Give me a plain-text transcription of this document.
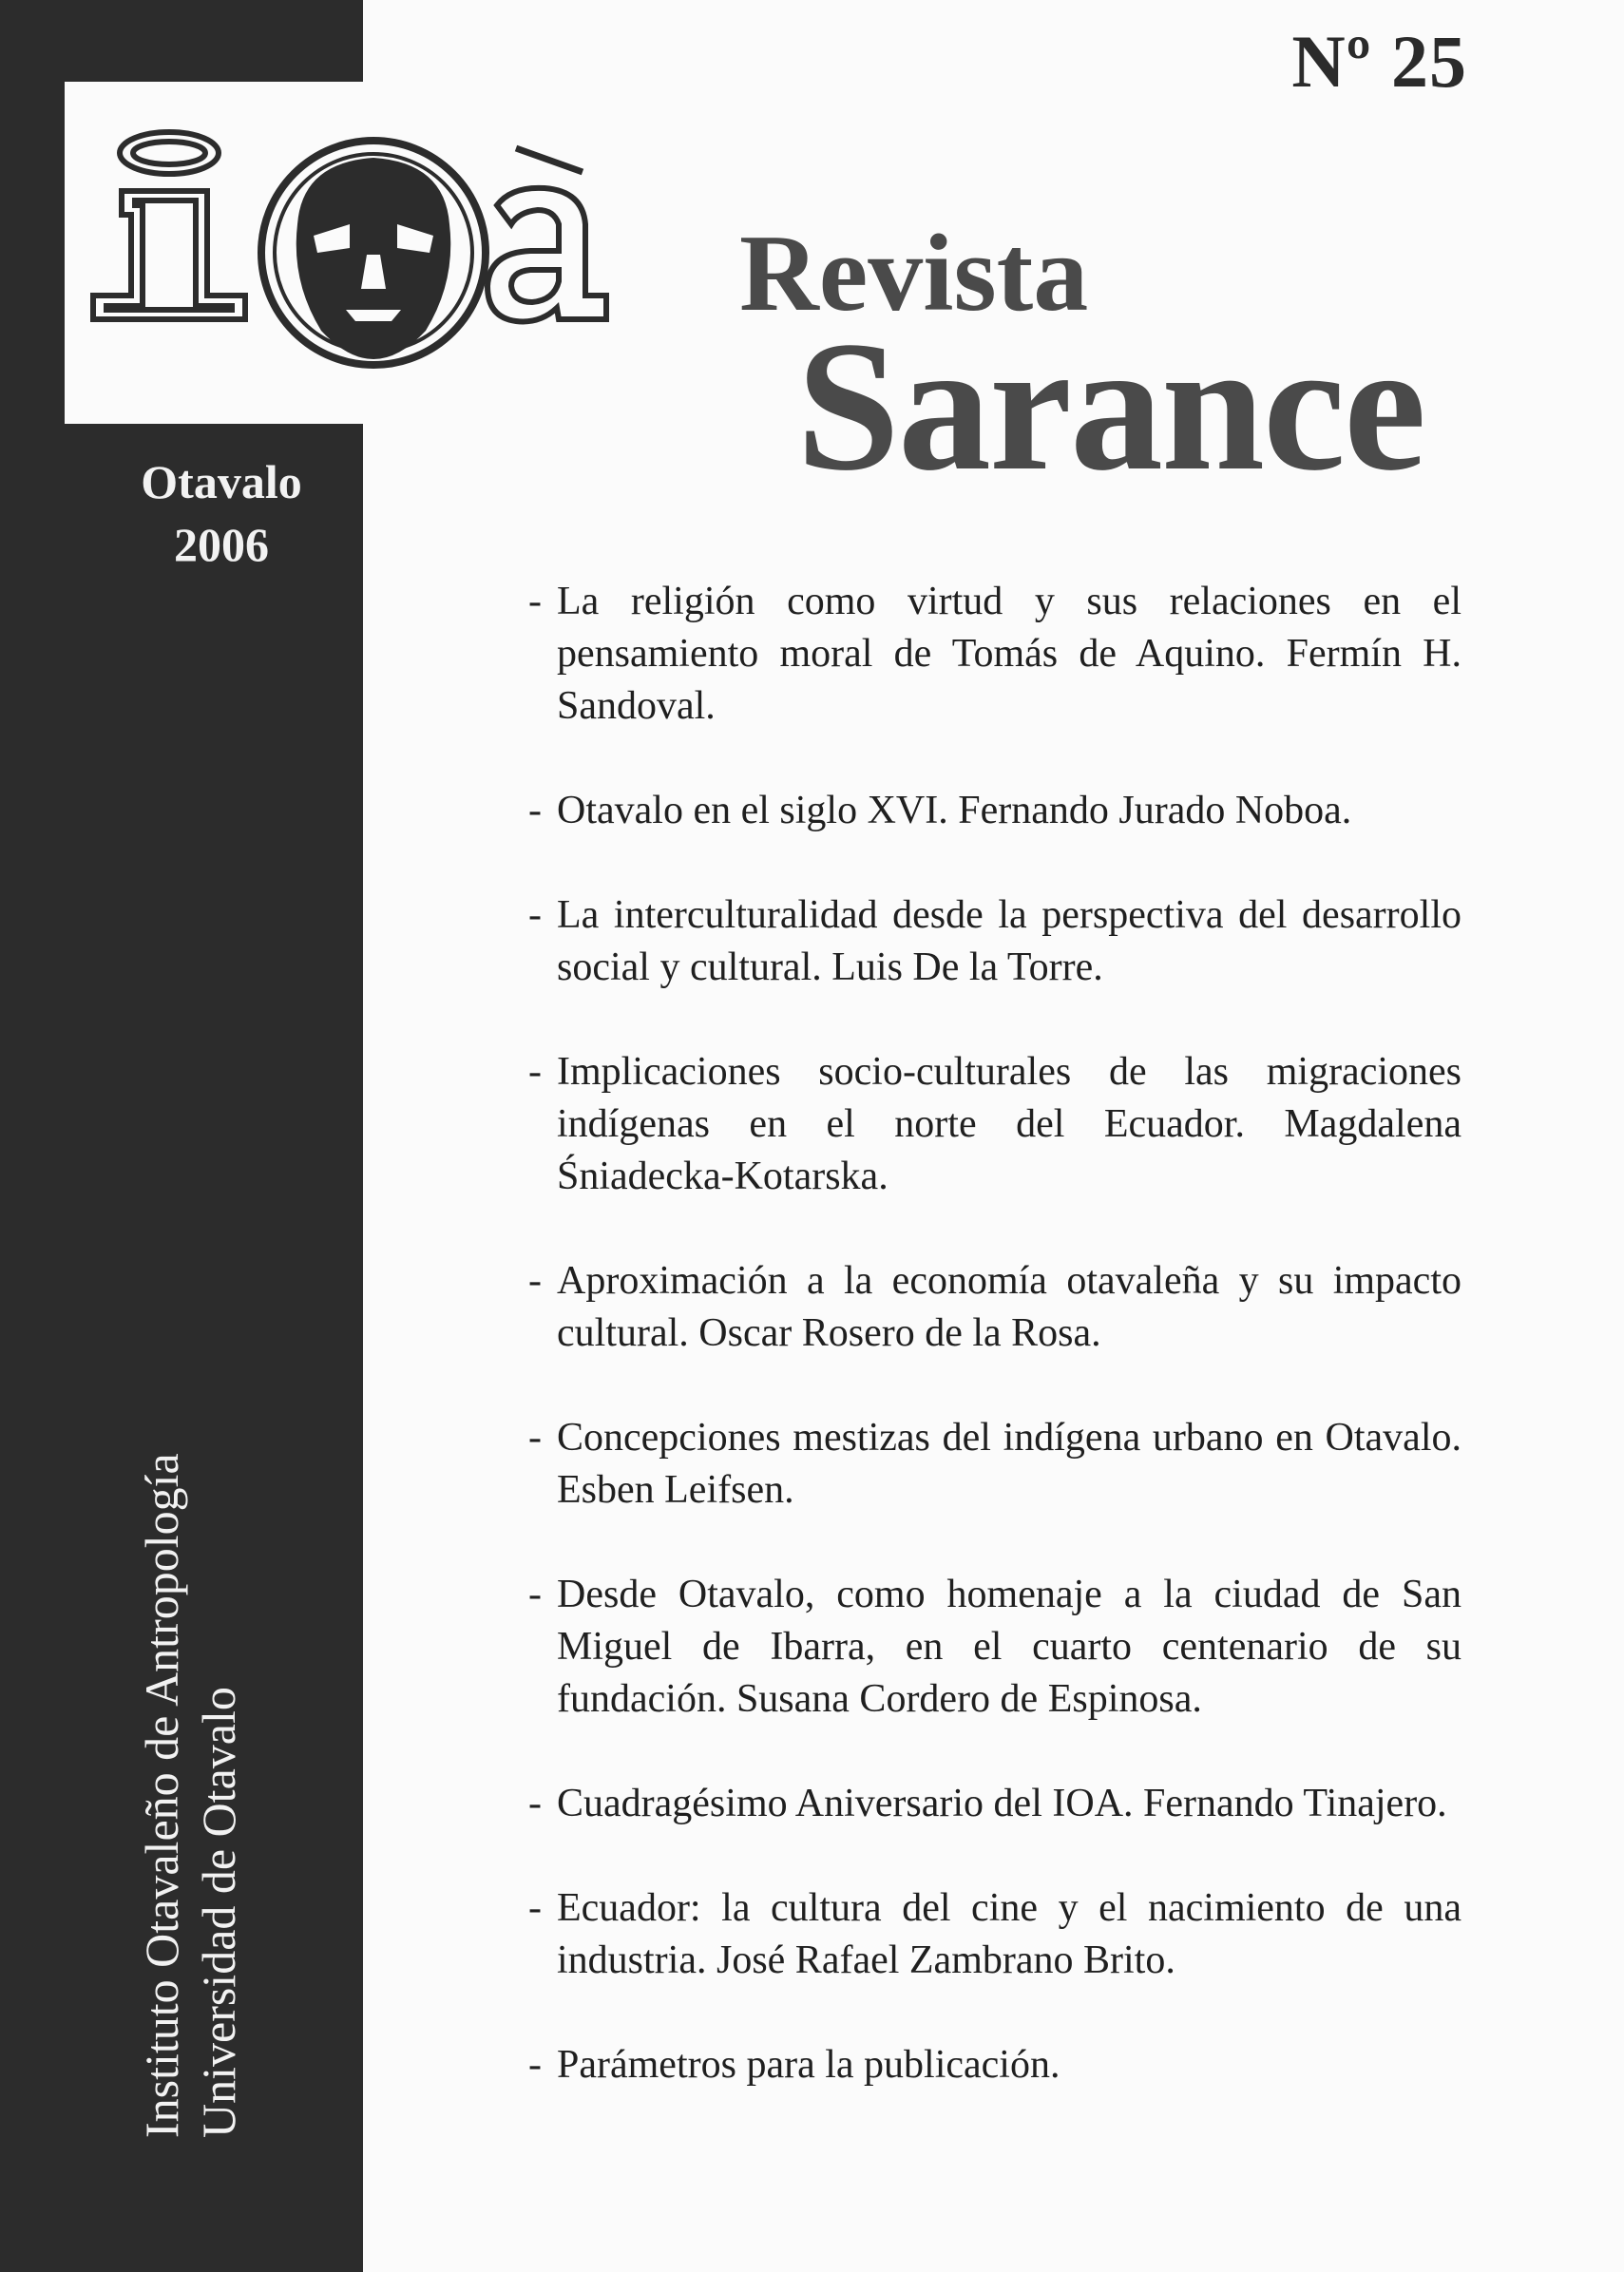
Nº 25
Revista
Sarance
Otavalo
2006
Instituto Otavaleño de Antropología Universidad de Otavalo
- La religión como virtud y sus relaciones en el pensamiento moral de Tomás de Aquino. Fermín H. Sandoval.
- Otavalo en el siglo XVI. Fernando Jurado Noboa.
- La interculturalidad desde la perspectiva del desarrollo social y cultural. Luis De la Torre.
- Implicaciones socio-culturales de las migraciones indígenas en el norte del Ecuador. Magdalena Śniadecka-Kotarska.
- Aproximación a la economía otavaleña y su impacto cultural. Oscar Rosero de la Rosa.
- Concepciones mestizas del indígena urbano en Otavalo. Esben Leifsen.
- Desde Otavalo, como homenaje a la ciudad de San Miguel de Ibarra, en el cuarto centenario de su fundación. Susana Cordero de Espinosa.
- Cuadragésimo Aniversario del IOA. Fernando Tinajero.
- Ecuador: la cultura del cine y el nacimiento de una industria. José Rafael Zambrano Brito.
- Parámetros para la publicación.
